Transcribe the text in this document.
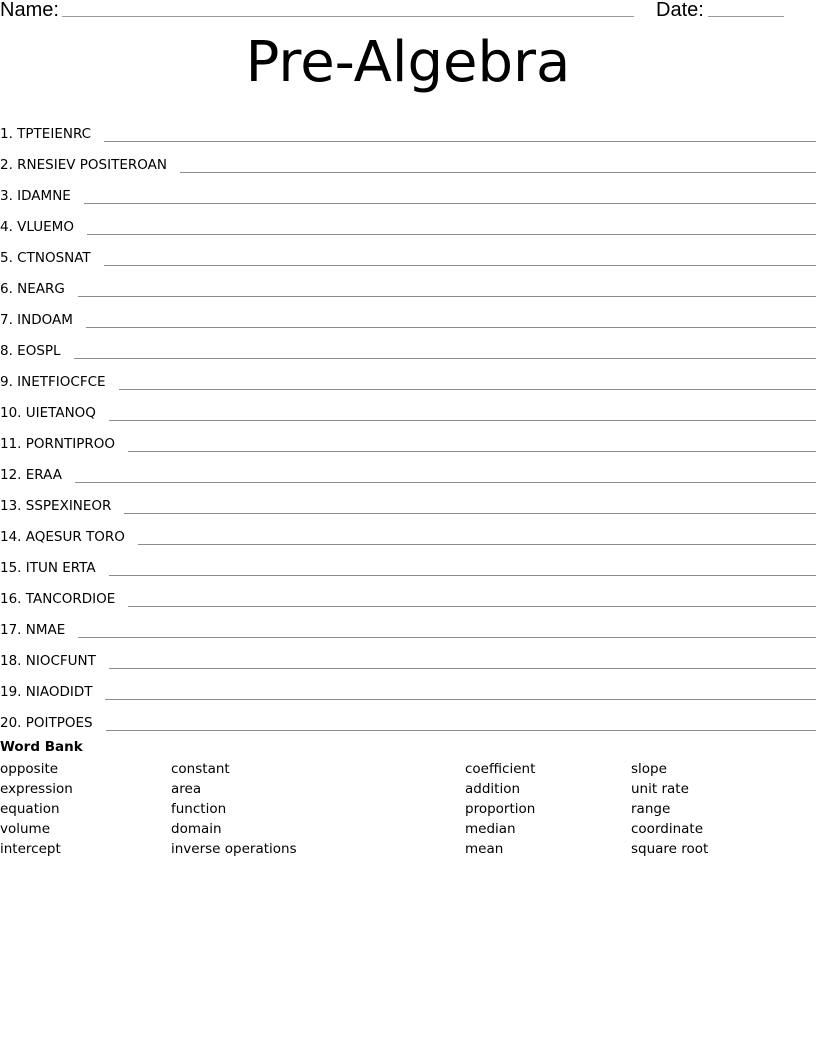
Name:	Date:
Pre-Algebra
1. TPTEIENRC
2. RNESIEV POSITEROAN
3. IDAMNE
4. VLUEMO
5. CTNOSNAT
6. NEARG
7. INDOAM
8. EOSPL
9. INETFIOCFCE
10. UIETANOQ
11. PORNTIPROO
12. ERAA
13. SSPEXINEOR
14. AQESUR TORO
15. ITUN ERTA
16. TANCORDIOE
17. NMAE
18. NIOCFUNT
19. NIAODIDT
20. POITPOES
Word Bank
opposite
expression
equation
volume
intercept
constant
area
function
domain
inverse operations
coefficient
addition
proportion
median
mean
slope
unit rate
range
coordinate
square root
